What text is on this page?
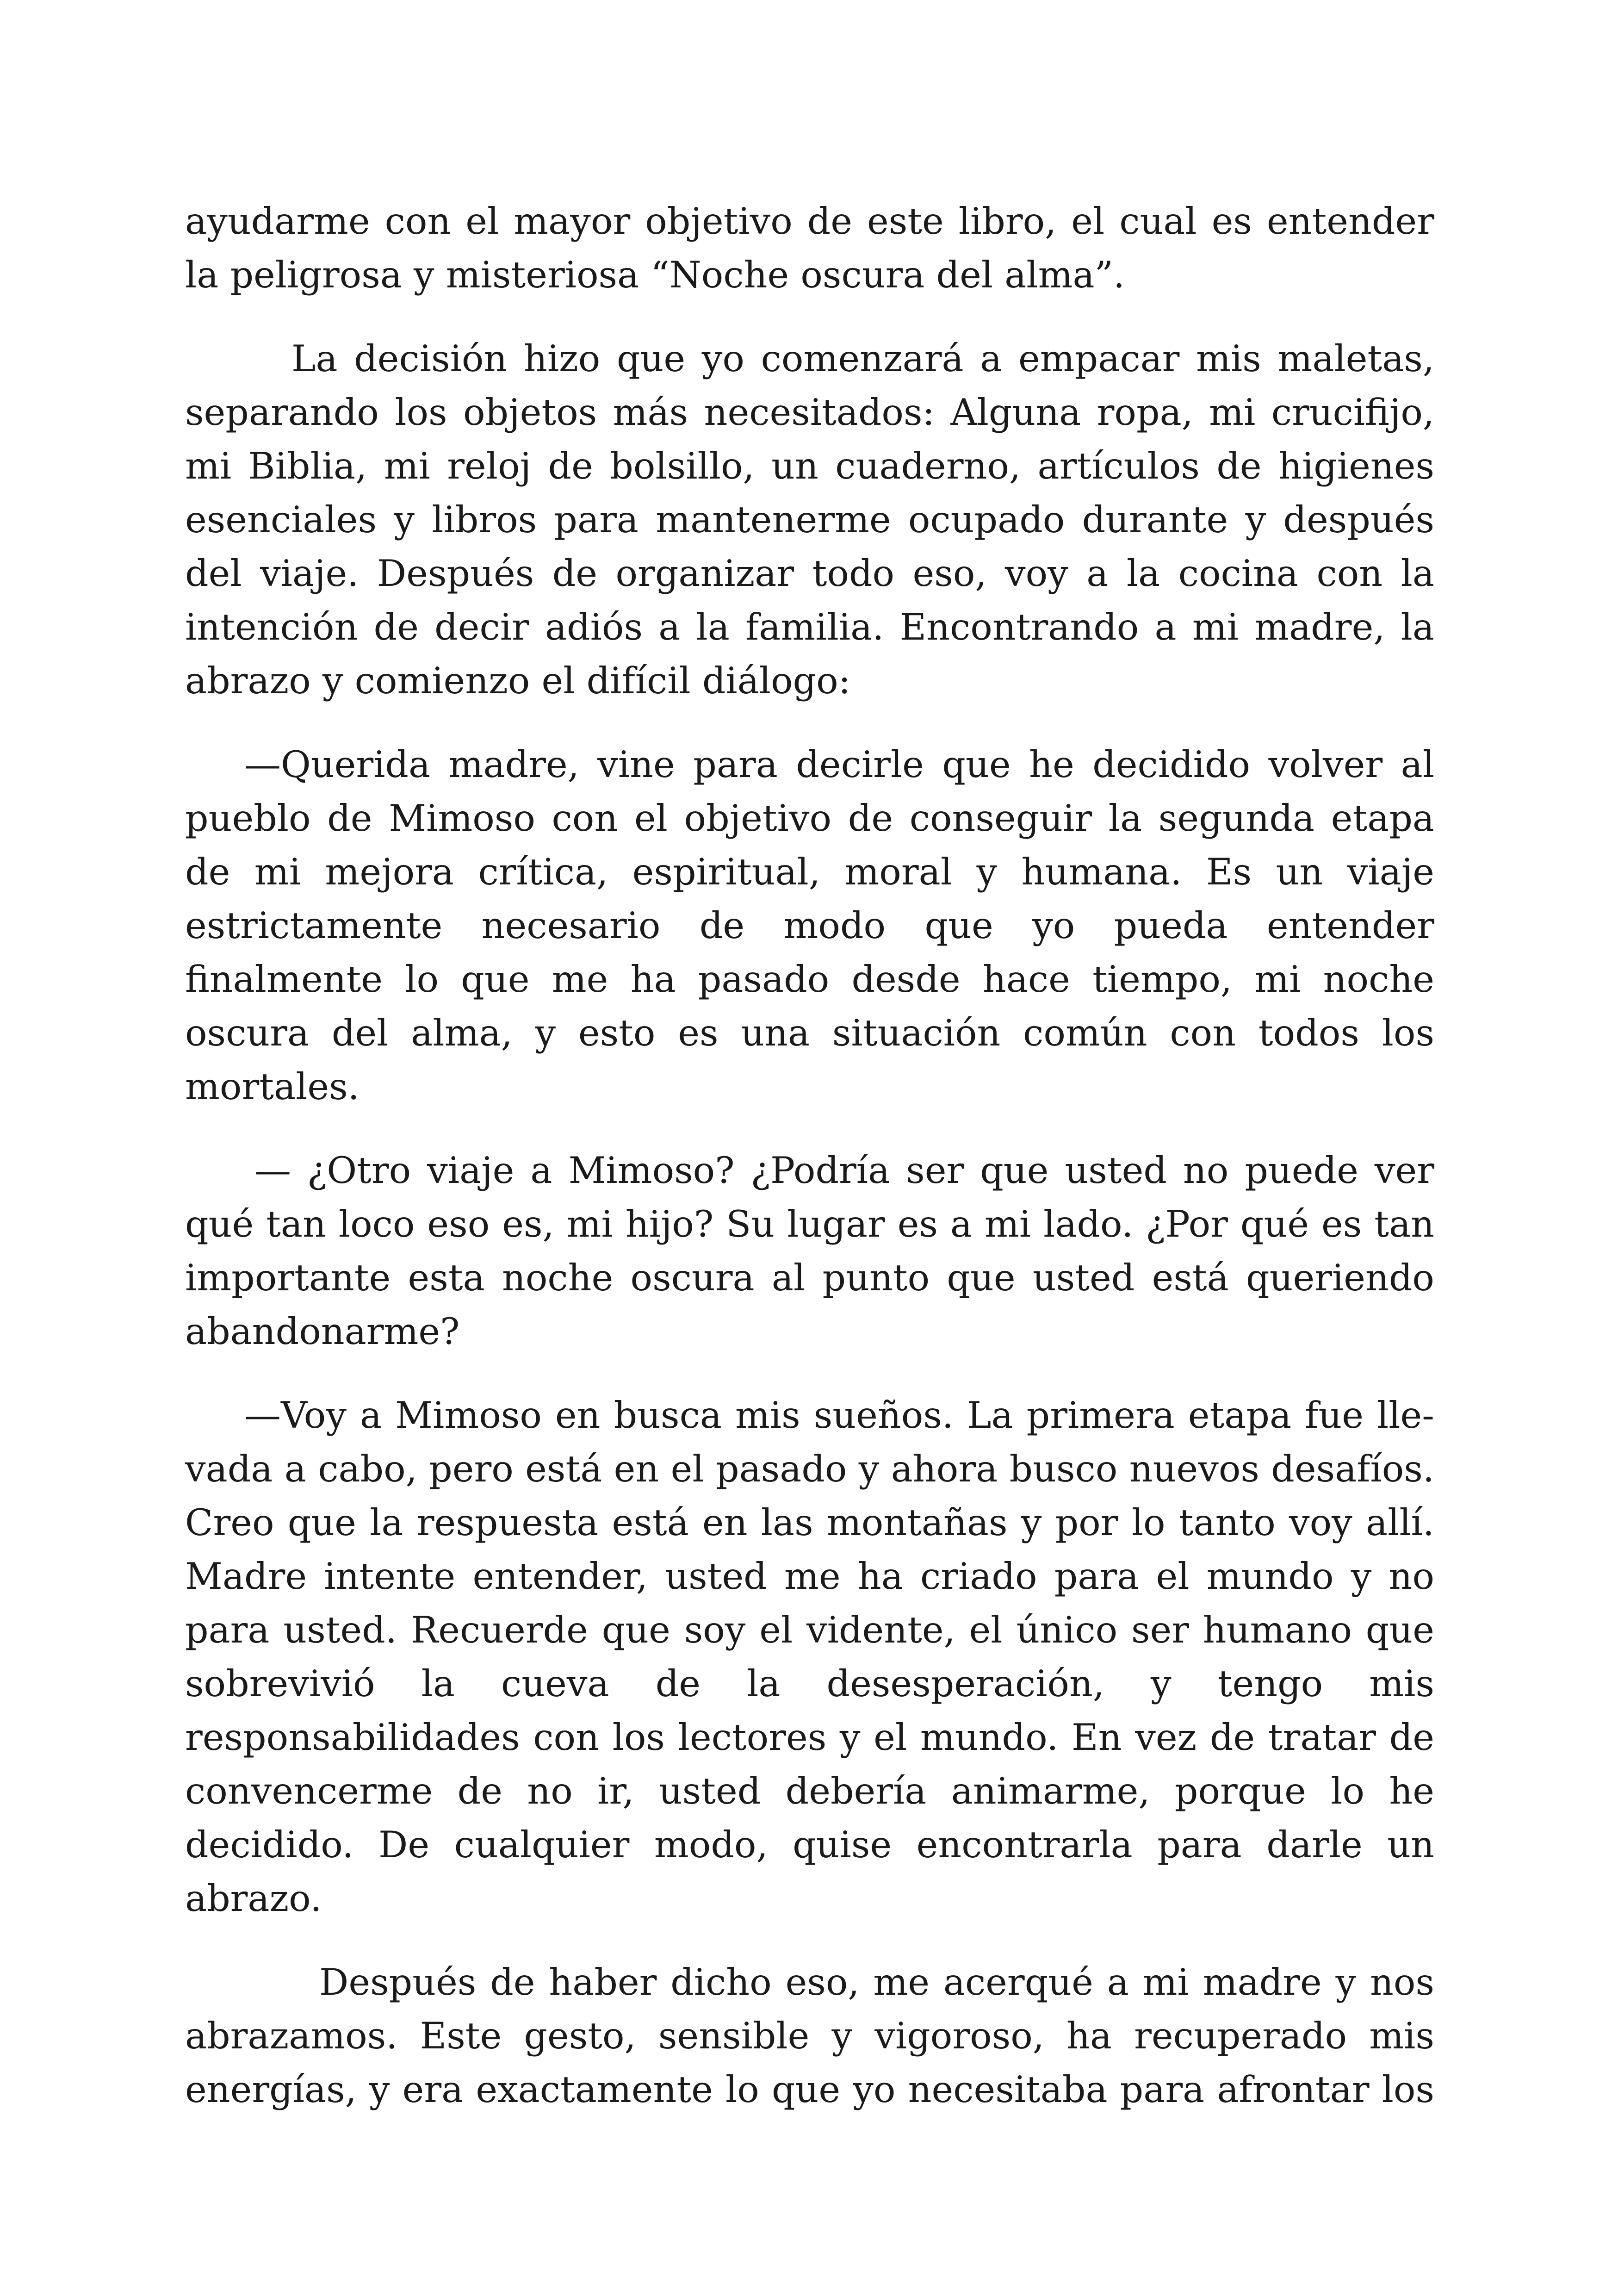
ayudarme con el mayor objetivo de este libro, el cual es entender la peligrosa y misteriosa “Noche oscura del alma”.

La decisión hizo que yo comenzará a empacar mis maletas, separando los objetos más necesitados: Alguna ropa, mi crucifijo, mi Biblia, mi reloj de bolsillo, un cuaderno, artículos de higienes esenciales y libros para mantenerme ocupado durante y después del viaje. Después de organizar todo eso, voy a la cocina con la intención de decir adiós a la familia. Encontrando a mi madre, la abrazo y comienzo el difícil diálogo:

—Querida madre, vine para decirle que he decidido volver al pueblo de Mimoso con el objetivo de conseguir la segunda etapa de mi mejora crítica, espiritual, moral y humana. Es un viaje estrictamente necesario de modo que yo pueda entender finalmente lo que me ha pasado desde hace tiempo, mi noche oscura del alma, y esto es una situación común con todos los mortales.

— ¿Otro viaje a Mimoso? ¿Podría ser que usted no puede ver qué tan loco eso es, mi hijo? Su lugar es a mi lado. ¿Por qué es tan importante esta noche oscura al punto que usted está queriendo abandonarme?

—Voy a Mimoso en busca mis sueños. La primera etapa fue llevada a cabo, pero está en el pasado y ahora busco nuevos desafíos. Creo que la respuesta está en las montañas y por lo tanto voy allí. Madre intente entender, usted me ha criado para el mundo y no para usted. Recuerde que soy el vidente, el único ser humano que sobrevivió la cueva de la desesperación, y tengo mis responsabilidades con los lectores y el mundo. En vez de tratar de convencerme de no ir, usted debería animarme, porque lo he decidido. De cualquier modo, quise encontrarla para darle un abrazo.

Después de haber dicho eso, me acerqué a mi madre y nos abrazamos. Este gesto, sensible y vigoroso, ha recuperado mis energías, y era exactamente lo que yo necesitaba para afrontar los
